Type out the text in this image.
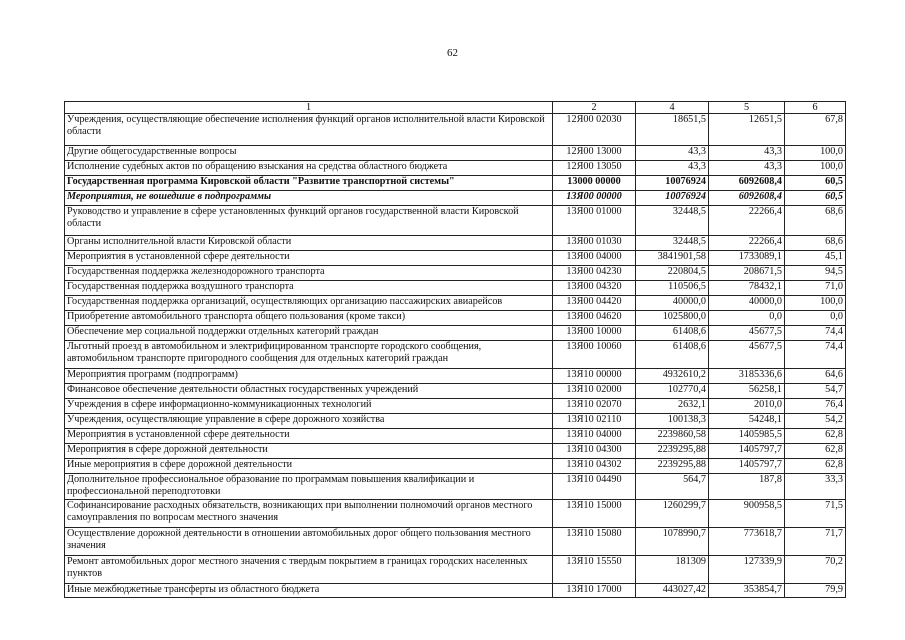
62
1	2	4	5	6
Учреждения, осуществляющие обеспечение исполнения функций органов исполнительной власти Кировской области	12Я00 02030	18651,5	12651,5	67,8
Другие общегосударственные вопросы	12Я00 13000	43,3	43,3	100,0
Исполнение судебных актов по обращению взыскания на средства областного бюджета	12Я00 13050	43,3	43,3	100,0
Государственная программа Кировской области "Развитие транспортной системы"	13000 00000	10076924	6092608,4	60,5
Мероприятия, не вошедшие в подпрограммы	13Я00 00000	10076924	6092608,4	60,5
Руководство и управление в сфере установленных функций органов государственной власти Кировской области	13Я00 01000	32448,5	22266,4	68,6
Органы исполнительной власти Кировской области	13Я00 01030	32448,5	22266,4	68,6
Мероприятия в установленной сфере деятельности	13Я00 04000	3841901,58	1733089,1	45,1
Государственная поддержка железнодорожного транспорта	13Я00 04230	220804,5	208671,5	94,5
Государственная поддержка воздушного транспорта	13Я00 04320	110506,5	78432,1	71,0
Государственная поддержка организаций, осуществляющих организацию пассажирских авиарейсов	13Я00 04420	40000,0	40000,0	100,0
Приобретение автомобильного транспорта общего пользования (кроме такси)	13Я00 04620	1025800,0	0,0	0,0
Обеспечение мер социальной поддержки отдельных категорий граждан	13Я00 10000	61408,6	45677,5	74,4
Льготный проезд в автомобильном и электрифицированном транспорте городского сообщения, автомобильном транспорте пригородного сообщения для отдельных категорий граждан	13Я00 10060	61408,6	45677,5	74,4
Мероприятия программ (подпрограмм)	13Я10 00000	4932610,2	3185336,6	64,6
Финансовое обеспечение деятельности областных государственных учреждений	13Я10 02000	102770,4	56258,1	54,7
Учреждения в сфере информационно-коммуникационных технологий	13Я10 02070	2632,1	2010,0	76,4
Учреждения, осуществляющие управление в сфере дорожного хозяйства	13Я10 02110	100138,3	54248,1	54,2
Мероприятия в установленной сфере деятельности	13Я10 04000	2239860,58	1405985,5	62,8
Мероприятия в сфере дорожной деятельности	13Я10 04300	2239295,88	1405797,7	62,8
Иные мероприятия в сфере дорожной деятельности	13Я10 04302	2239295,88	1405797,7	62,8
Дополнительное профессиональное образование по программам повышения квалификации и профессиональной переподготовки	13Я10 04490	564,7	187,8	33,3
Софинансирование расходных обязательств, возникающих при выполнении полномочий органов местного самоуправления по вопросам местного значения	13Я10 15000	1260299,7	900958,5	71,5
Осуществление дорожной деятельности в отношении автомобильных дорог общего пользования местного значения	13Я10 15080	1078990,7	773618,7	71,7
Ремонт автомобильных дорог местного значения с твердым покрытием в границах городских населенных пунктов	13Я10 15550	181309	127339,9	70,2
Иные межбюджетные трансферты из областного бюджета	13Я10 17000	443027,42	353854,7	79,9
